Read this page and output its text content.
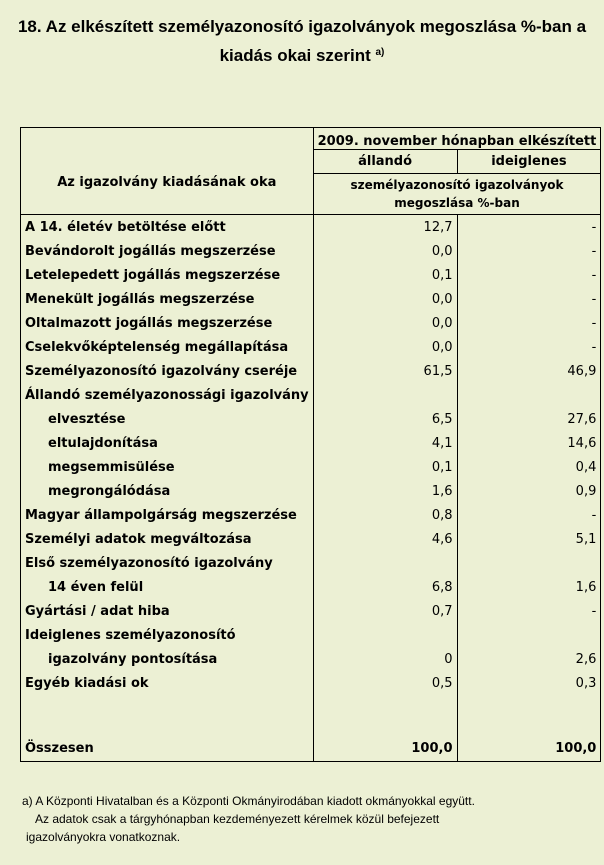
18. Az elkészített személyazonosító igazolványok megoszlása %-ban a
kiadás okai szerint $^{a)}$
Az igazolvány kiadásának oka	2009. november hónapban elkészített	
	állandó	ideiglenes

	személyazonosító igazolványok
megoszlása %-ban	

A 14. életév betöltése előtt	12,7	-
Bevándorolt jogállás megszerzése	0,0	-
Letelepedett jogállás megszerzése	0,1	-
Menekült jogállás megszerzése	0,0	-
Oltalmazott jogállás megszerzése	0,0	-
Cselekvőképtelenség megállapítása	0,0	-
Személyazonosító igazolvány cseréje	61,5	46,9
Állandó személyazonossági igazolvány		
elvesztése	6,5	27,6
eltulajdonítása	4,1	14,6
megsemmisülése	0,1	0,4
megrongálódása	1,6	0,9
Magyar állampolgárság megszerzése	0,8	-
Személyi adatok megváltozása	4,6	5,1
Első személyazonosító igazolvány		
14 éven felül	6,8	1,6
Gyártási / adat hiba	0,7	-
Ideiglenes személyazonosító		
igazolvány pontosítása	0	2,6
Egyéb kiadási ok	0,5	0,3

Összesen	100,0	100,0
a) A Központi Hivatalban és a Központi Okmányirodában kiadott okmányokkal együtt.
Az adatok csak a tárgyhónapban kezdeményezett kérelmek közül befejezett
igazolványokra vonatkoznak.
